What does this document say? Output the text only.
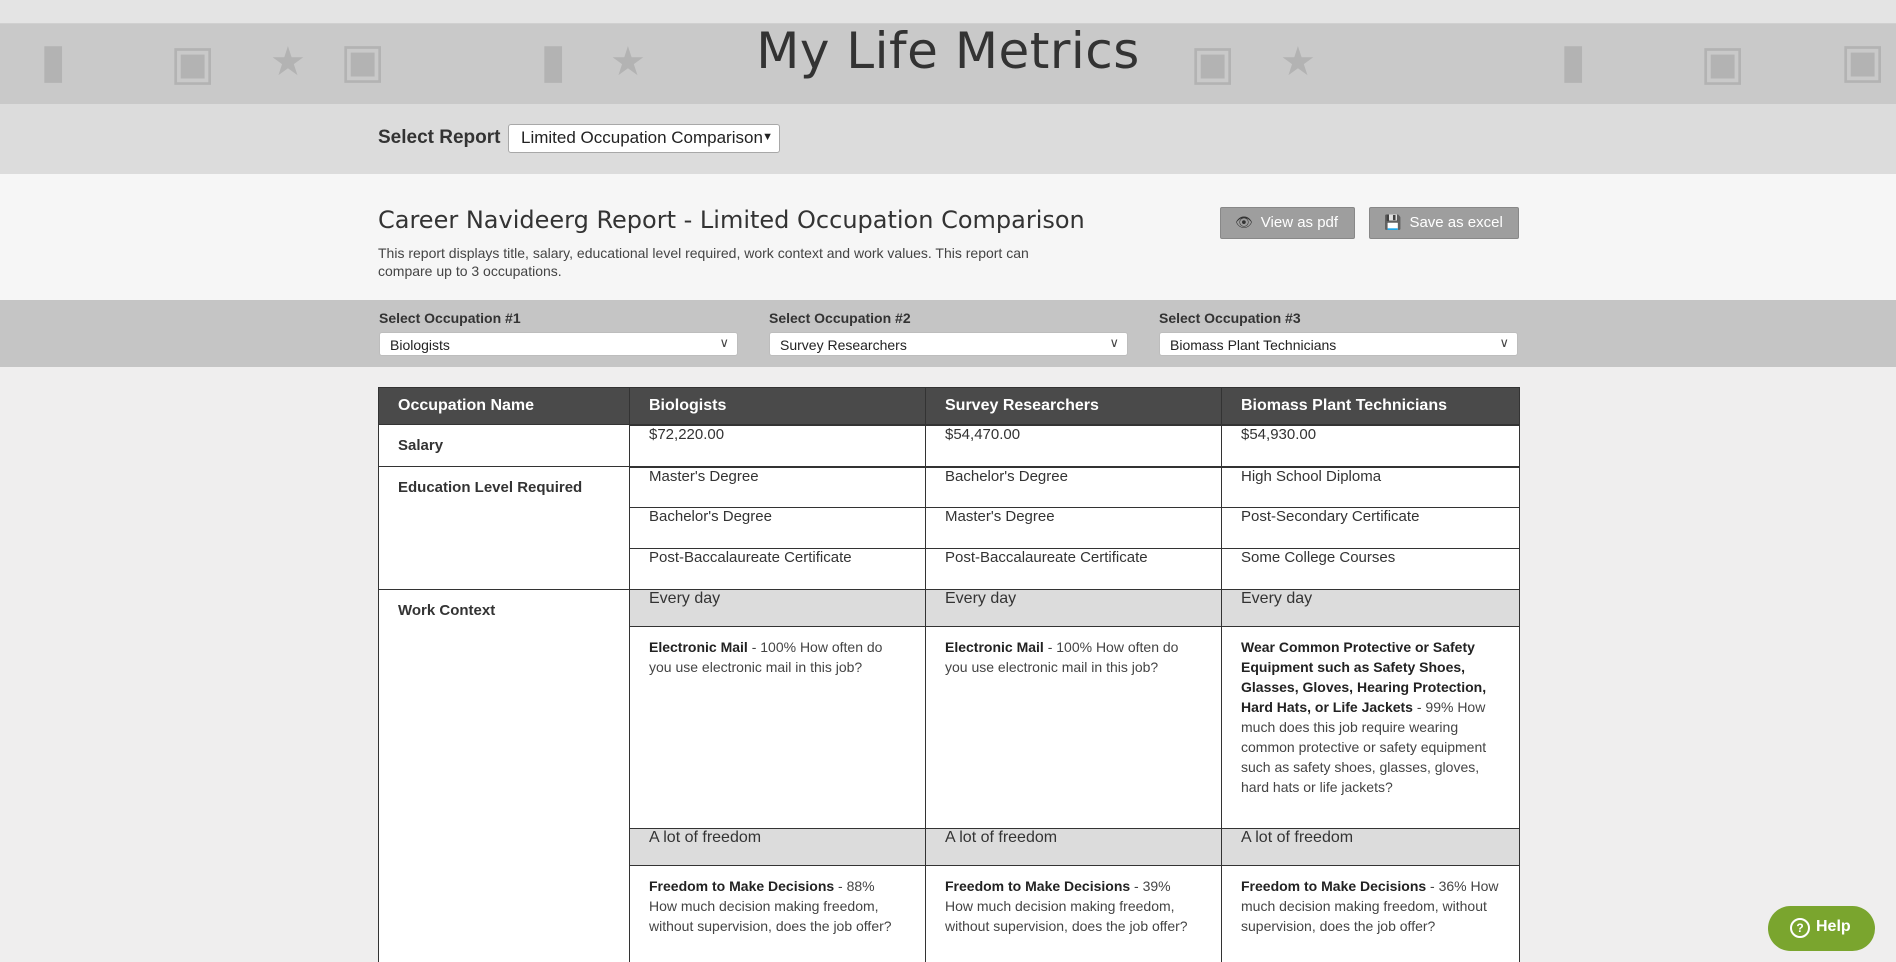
▮ ▣ ★ ▣	▮ ★	▣ ★	▮ ▣ ▣
My Life Metrics
Select Report	Limited Occupation Comparison ▼
Career Navideerg Report - Limited Occupation Comparison
This report displays title, salary, educational level required, work context and work values. This report can compare up to 3 occupations.
👁 View as pdf	💾 Save as excel
Select Occupation #1
Biologists	∨
Select Occupation #2
Survey Researchers	∨
Select Occupation #3
Biomass Plant Technicians	∨
Occupation Name	Biologists	Survey Researchers	Biomass Plant Technicians
Salary	$72,220.00	$54,470.00	$54,930.00
Education Level Required	Master's Degree	Bachelor's Degree	High School Diploma
	Bachelor's Degree	Master's Degree	Post-Secondary Certificate
	Post-Baccalaureate Certificate	Post-Baccalaureate Certificate	Some College Courses
Work Context	Every day	Every day	Every day
	Electronic Mail - 100% How often do you use electronic mail in this job?	Electronic Mail - 100% How often do you use electronic mail in this job?	Wear Common Protective or Safety Equipment such as Safety Shoes, Glasses, Gloves, Hearing Protection, Hard Hats, or Life Jackets - 99% How much does this job require wearing common protective or safety equipment such as safety shoes, glasses, gloves, hard hats or life jackets?
	A lot of freedom	A lot of freedom	A lot of freedom
	Freedom to Make Decisions - 88% How much decision making freedom, without supervision, does the job offer?	Freedom to Make Decisions - 39% How much decision making freedom, without supervision, does the job offer?	Freedom to Make Decisions - 36% How much decision making freedom, without supervision, does the job offer?	? Help
